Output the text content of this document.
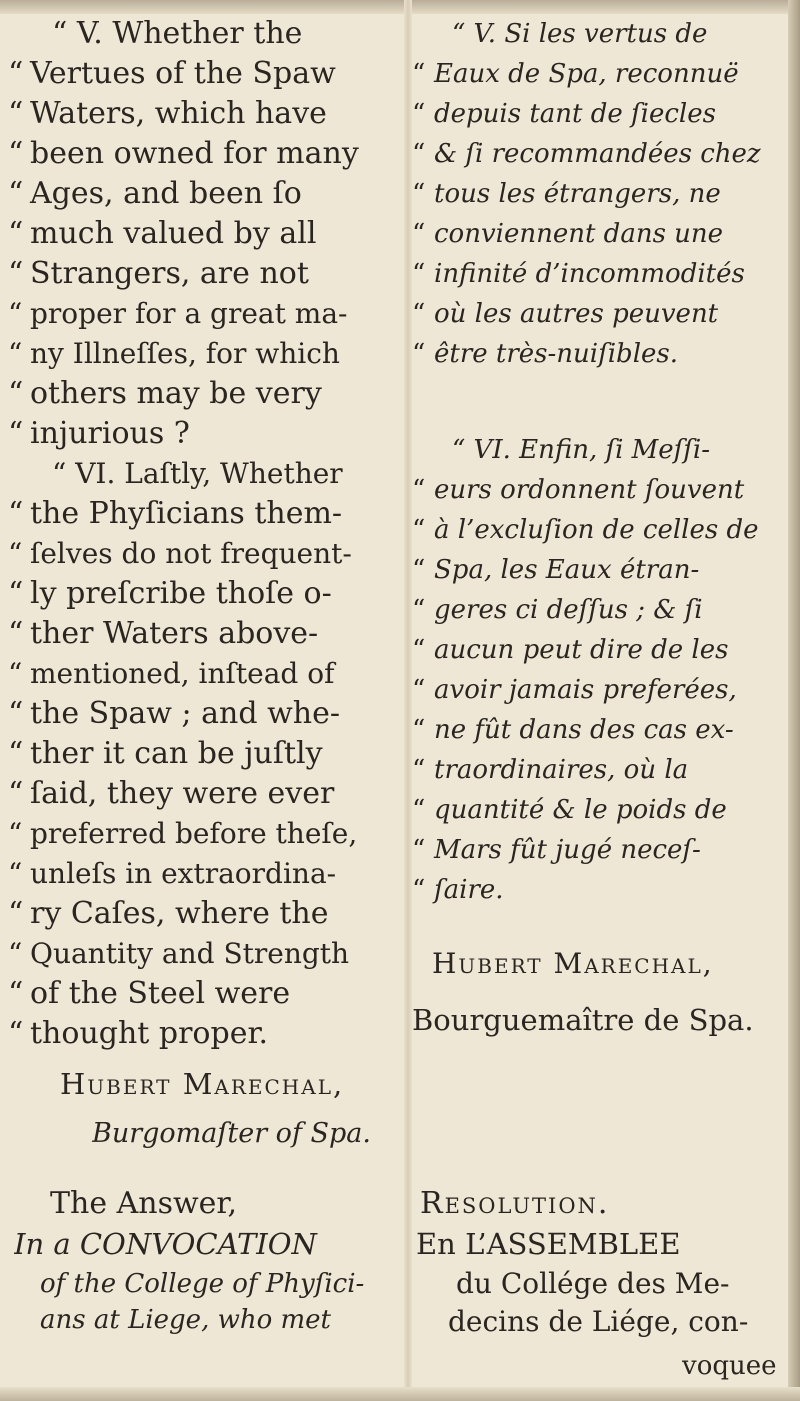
“ V. Whether the
“ Vertues of the Spaw
“ Waters, which have
“ been owned for many
“ Ages, and been ſo
“ much valued by all
“ Strangers, are not
“ proper for a great ma-
“ ny Illneſſes, for which
“ others may be very
“ injurious ?
“ VI. Laſtly, Whether
“ the Phyſicians them-
“ ſelves do not frequent-
“ ly preſcribe thoſe o-
“ ther Waters above-
“ mentioned, inſtead of
“ the Spaw ; and whe-
“ ther it can be juſtly
“ ſaid, they were ever
“ preferred before theſe,
“ unleſs in extraordina-
“ ry Caſes, where the
“ Quantity and Strength
“ of the Steel were
“ thought proper.
Hubert Marechal,
Burgomaſter of Spa.
The Answer,
In a CONVOCATION
of the College of Phyſici-
ans at Liege, who met
“ V. Si les vertus de
“ Eaux de Spa, reconnuë
“ depuis tant de ſiecles
“ & ſi recommandées chez
“ tous les étrangers, ne
“ conviennent dans une
“ infinité d’incommodités
“ où les autres peuvent
“ être très-nuiſibles.
“ VI. Enfin, ſi Meſſi-
“ eurs ordonnent ſouvent
“ à l’excluſion de celles de
“ Spa, les Eaux étran-
“ geres ci deſſus ; & ſi
“ aucun peut dire de les
“ avoir jamais preferées,
“ ne fût dans des cas ex-
“ traordinaires, où la
“ quantité & le poids de
“ Mars fût jugé neceſ-
“ ſaire.
Hubert Marechal,
Bourguemaître de Spa.
Resolution.
En L’ASSEMBLEE
du Collége des Me-
decins de Liége, con-
voquee
